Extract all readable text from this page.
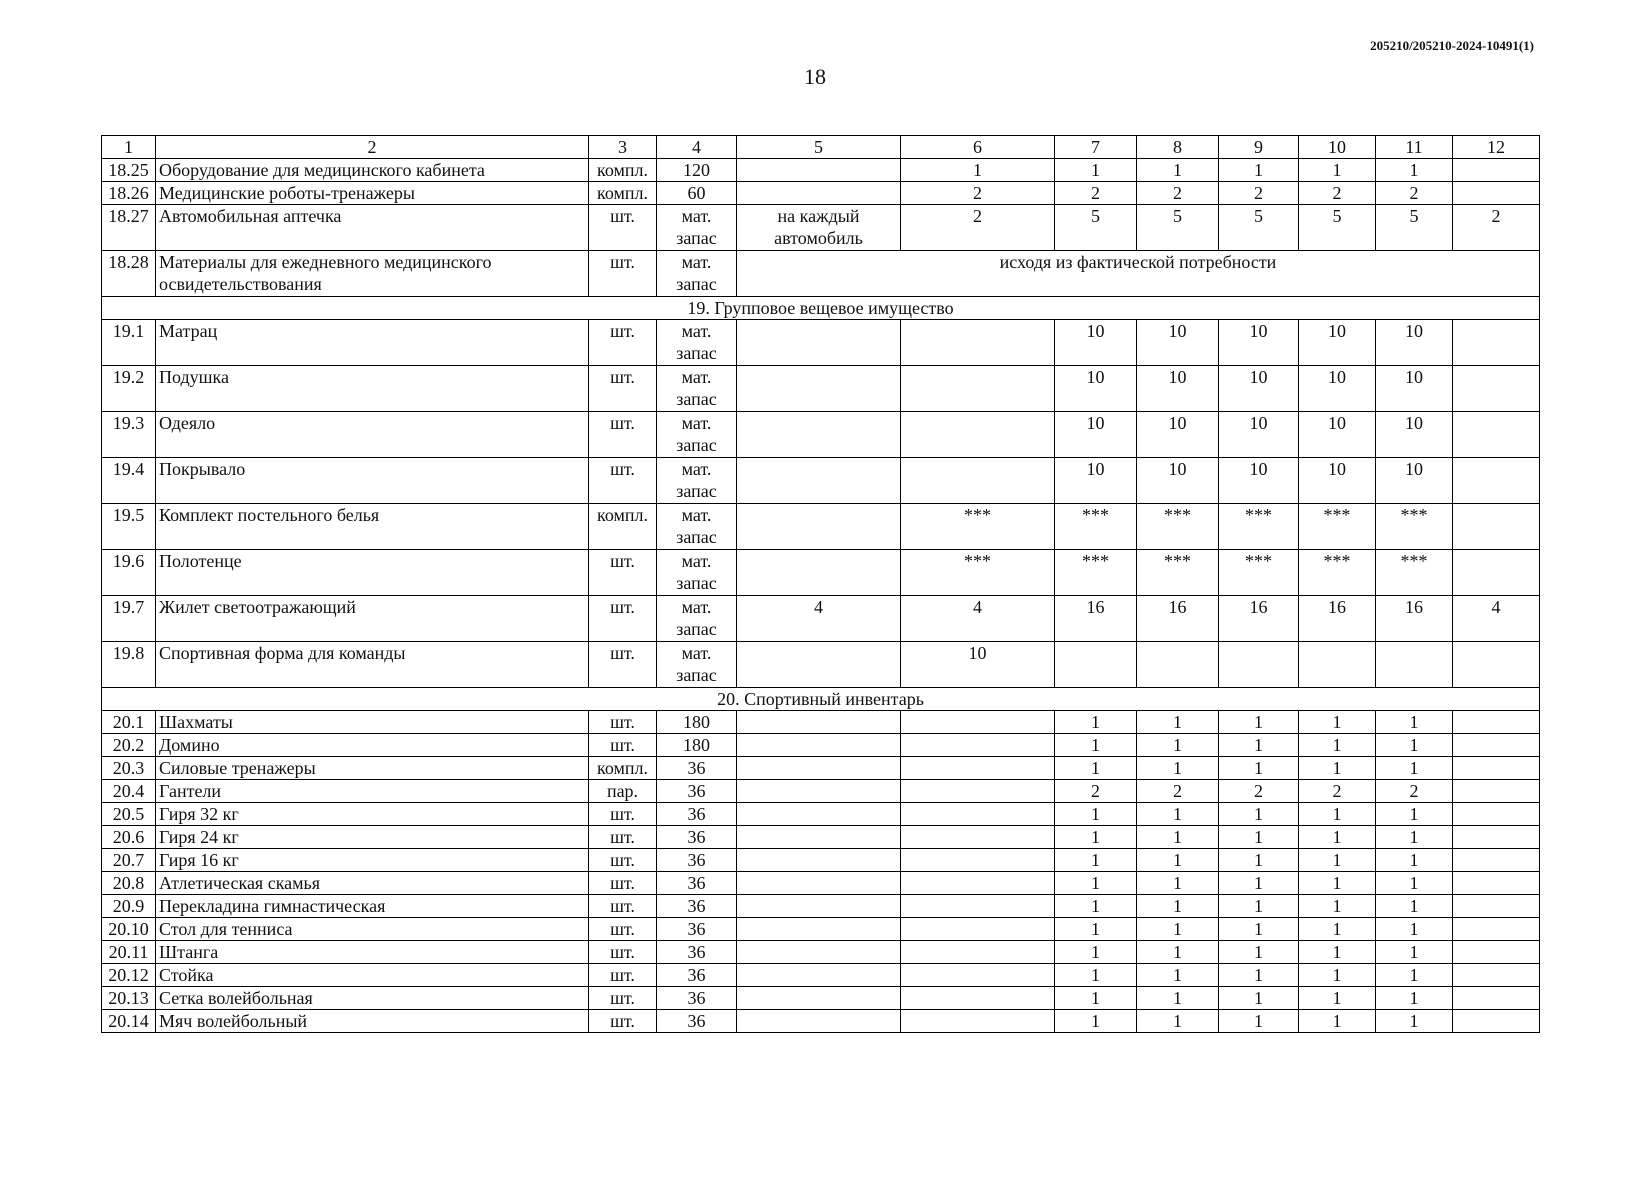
205210/205210-2024-10491(1)
18
1	2	3	4	5	6	7	8	9	10	11	12
18.25	Оборудование для медицинского кабинета	компл.	120		1	1	1	1	1	1	
18.26	Медицинские роботы-тренажеры	компл.	60		2	2	2	2	2	2	
18.27	Автомобильная аптечка	шт.	мат. запас	на каждый автомобиль	2	5	5	5	5	5	2
18.28	Материалы для ежедневного медицинского освидетельствования	шт.	мат. запас	исходя из фактической потребности							
19. Групповое вещевое имущество											
19.1	Матрац	шт.	мат. запас			10	10	10	10	10	
19.2	Подушка	шт.	мат. запас			10	10	10	10	10	
19.3	Одеяло	шт.	мат. запас			10	10	10	10	10	
19.4	Покрывало	шт.	мат. запас			10	10	10	10	10	
19.5	Комплект постельного белья	компл.	мат. запас		***	***	***	***	***	***	
19.6	Полотенце	шт.	мат. запас		***	***	***	***	***	***	
19.7	Жилет светоотражающий	шт.	мат. запас	4	4	16	16	16	16	16	4
19.8	Спортивная форма для команды	шт.	мат. запас		10						
20. Спортивный инвентарь											
20.1	Шахматы	шт.	180			1	1	1	1	1	
20.2	Домино	шт.	180			1	1	1	1	1	
20.3	Силовые тренажеры	компл.	36			1	1	1	1	1	
20.4	Гантели	пар.	36			2	2	2	2	2	
20.5	Гиря 32 кг	шт.	36			1	1	1	1	1	
20.6	Гиря 24 кг	шт.	36			1	1	1	1	1	
20.7	Гиря 16 кг	шт.	36			1	1	1	1	1	
20.8	Атлетическая скамья	шт.	36			1	1	1	1	1	
20.9	Перекладина гимнастическая	шт.	36			1	1	1	1	1	
20.10	Стол для тенниса	шт.	36			1	1	1	1	1	
20.11	Штанга	шт.	36			1	1	1	1	1	
20.12	Стойка	шт.	36			1	1	1	1	1	
20.13	Сетка волейбольная	шт.	36			1	1	1	1	1	
20.14	Мяч волейбольный	шт.	36			1	1	1	1	1	
